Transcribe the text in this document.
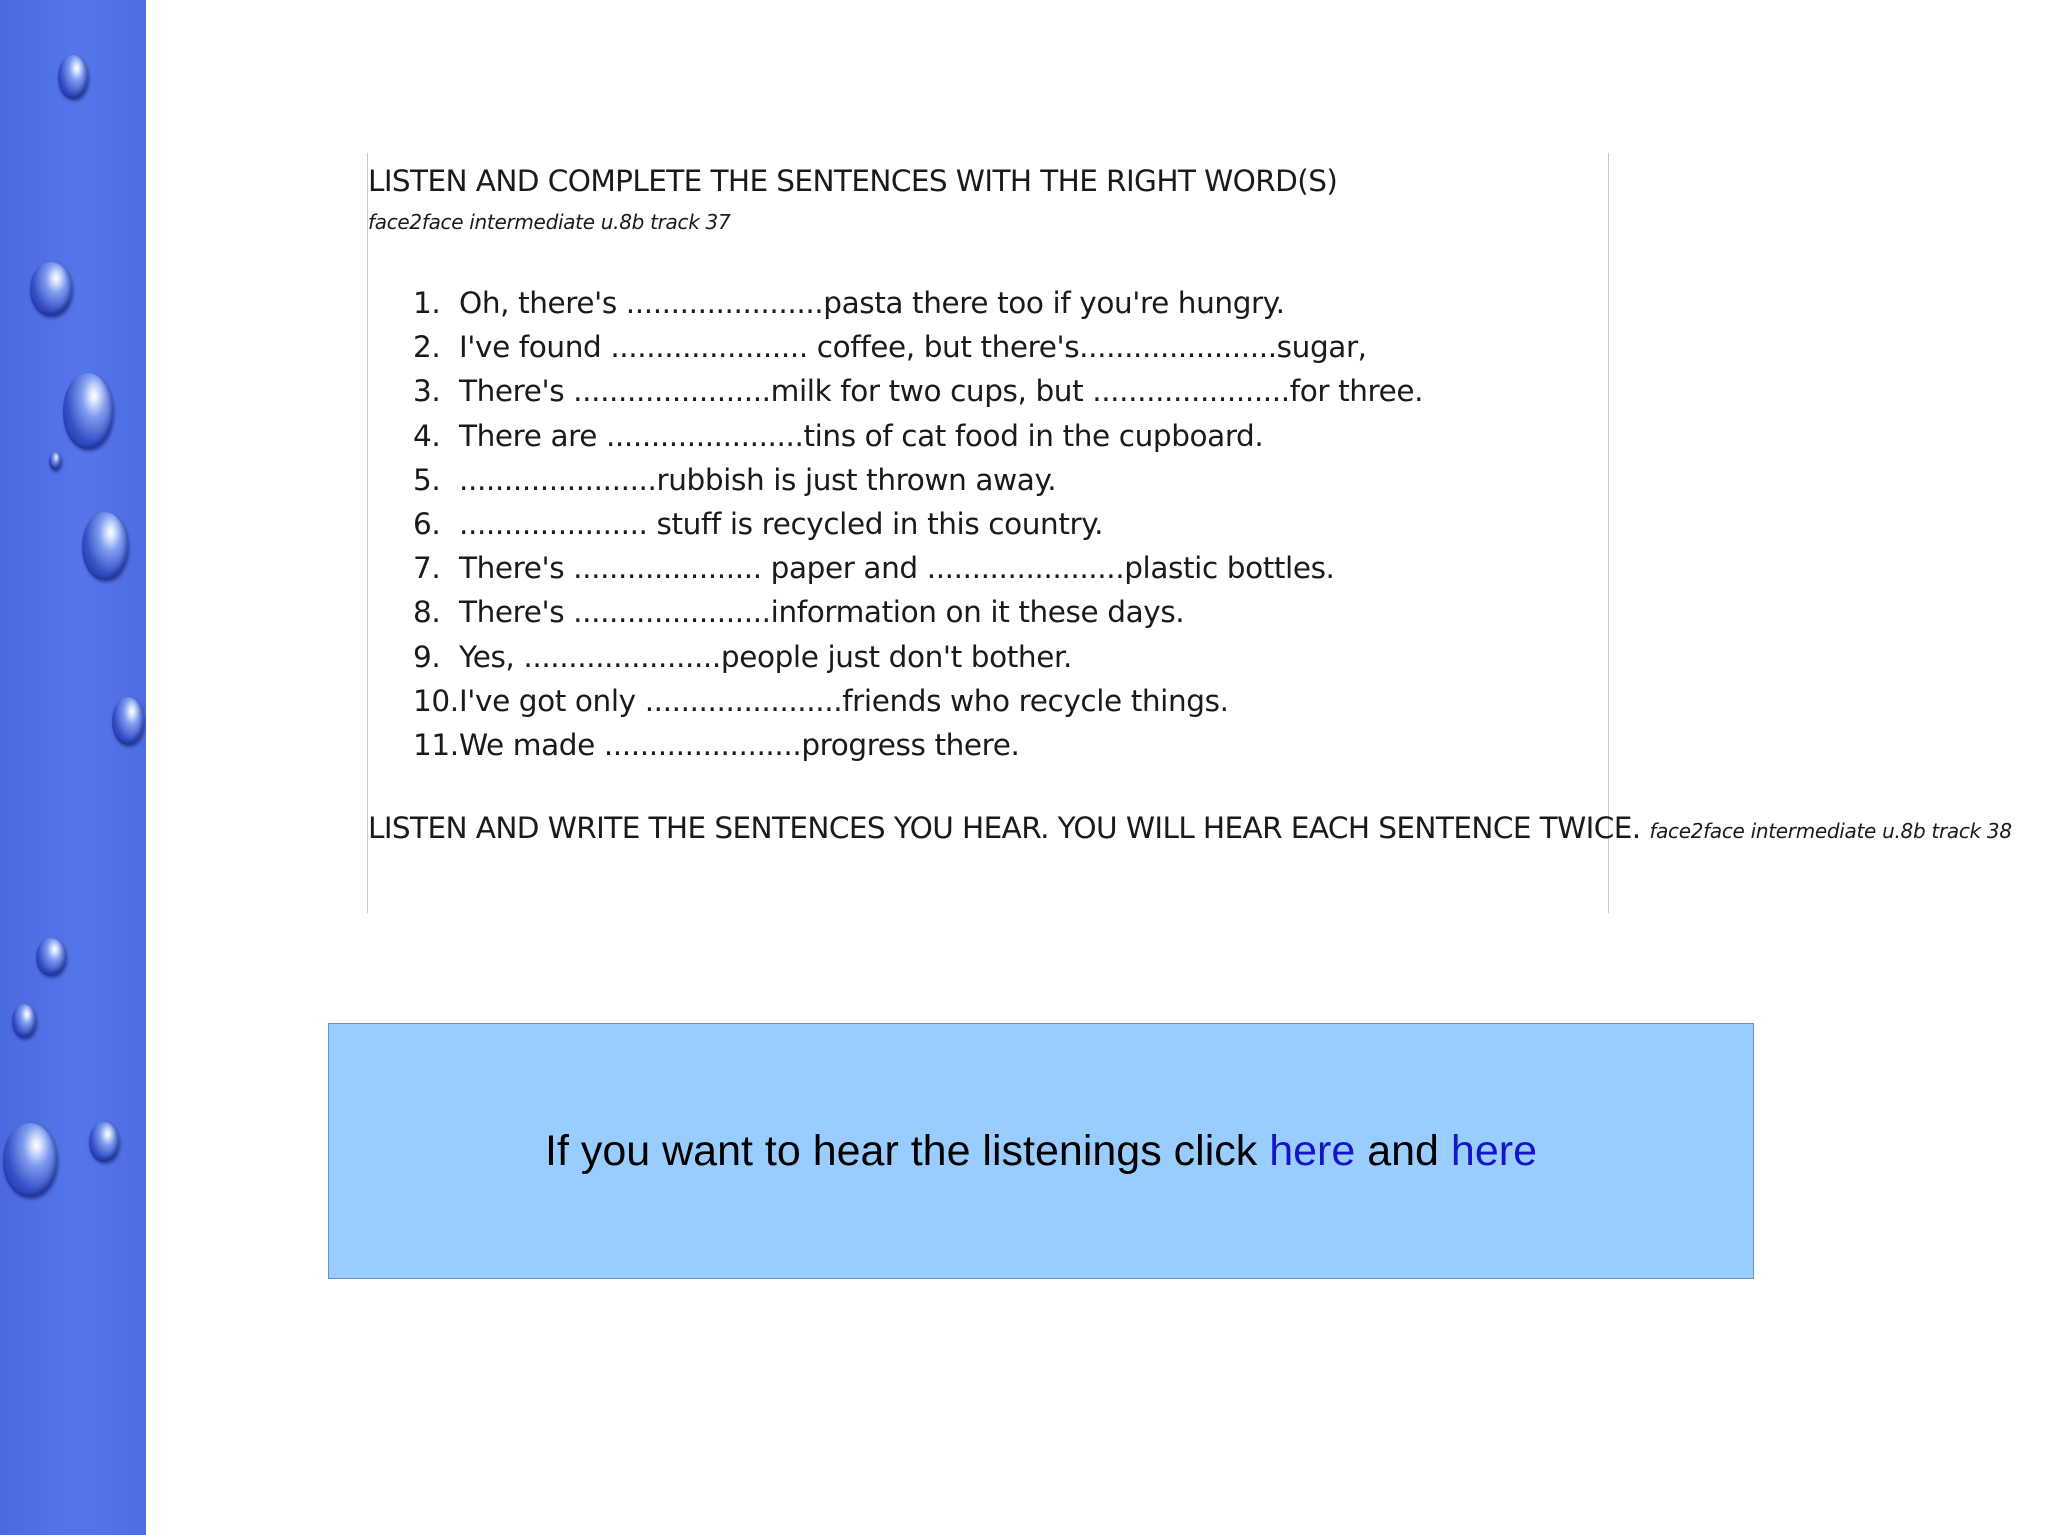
LISTEN AND COMPLETE THE SENTENCES WITH THE RIGHT WORD(S)
face2face intermediate u.8b track 37
1. Oh, there's ......................pasta there too if you're hungry.
2. I've found ...................... coffee, but there's......................sugar,
3. There's ......................milk for two cups, but ......................for three.
4. There are ......................tins of cat food in the cupboard.
5. ......................rubbish is just thrown away.
6. ..................... stuff is recycled in this country.
7. There's ..................... paper and ......................plastic bottles.
8. There's ......................information on it these days.
9. Yes, ......................people just don't bother.
10.I've got only ......................friends who recycle things.
11.We made ......................progress there.
LISTEN AND WRITE THE SENTENCES YOU HEAR. YOU WILL HEAR EACH SENTENCE TWICE. face2face intermediate u.8b track 38
If you want to hear the listenings click here and here
